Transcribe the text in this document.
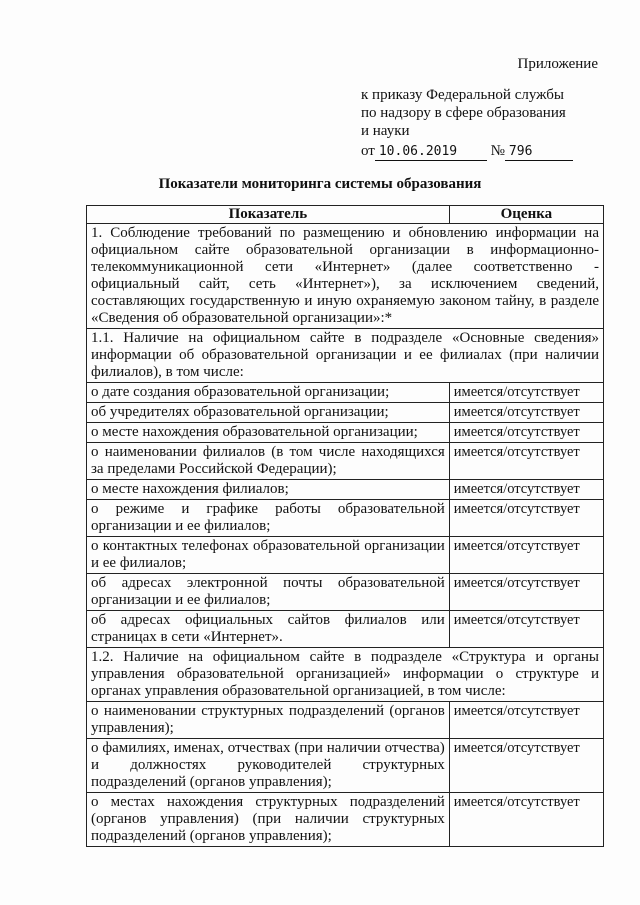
Приложение
к приказу Федеральной службы
по надзору в сфере образования
и науки
от 10.06.2019 № 796
Показатели мониторинга системы образования
Показатель	Оценка
1. Соблюдение требований по размещению и обновлению информации на официальном сайте образовательной организации в информационно-телекоммуникационной сети «Интернет» (далее соответственно - официальный сайт, сеть «Интернет»), за исключением сведений, составляющих государственную и иную охраняемую законом тайну, в разделе «Сведения об образовательной организации»:*	
1.1. Наличие на официальном сайте в подразделе «Основные сведения» информации об образовательной организации и ее филиалах (при наличии филиалов), в том числе:	
о дате создания образовательной организации;	имеется/отсутствует
об учредителях образовательной организации;	имеется/отсутствует
о месте нахождения образовательной организации;	имеется/отсутствует
о наименовании филиалов (в том числе находящихся за пределами Российской Федерации);	имеется/отсутствует
о месте нахождения филиалов;	имеется/отсутствует
о режиме и графике работы образовательной организации и ее филиалов;	имеется/отсутствует
о контактных телефонах образовательной организации и ее филиалов;	имеется/отсутствует
об адресах электронной почты образовательной организации и ее филиалов;	имеется/отсутствует
об адресах официальных сайтов филиалов или страницах в сети «Интернет».	имеется/отсутствует
1.2. Наличие на официальном сайте в подразделе «Структура и органы управления образовательной организацией» информации о структуре и органах управления образовательной организацией, в том числе:	
о наименовании структурных подразделений (органов управления);	имеется/отсутствует
о фамилиях, именах, отчествах (при наличии отчества) и должностях руководителей структурных подразделений (органов управления);	имеется/отсутствует
о местах нахождения структурных подразделений (органов управления) (при наличии структурных подразделений (органов управления);	имеется/отсутствует
